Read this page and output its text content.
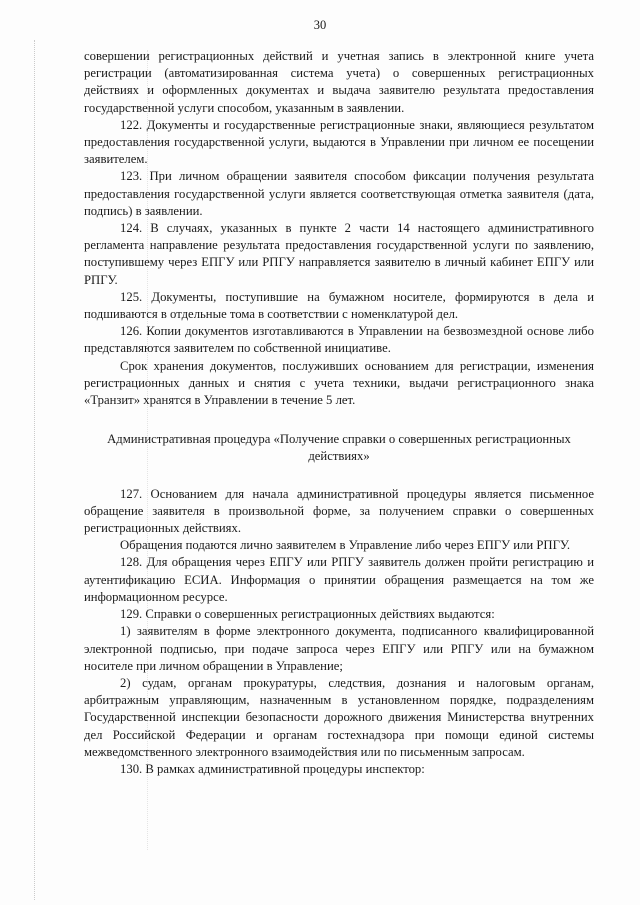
30

совершении регистрационных действий и учетная запись в электронной книге учета регистрации (автоматизированная система учета) о совершенных регистрационных действиях и оформленных документах и выдача заявителю результата предоставления государственной услуги способом, указанным в заявлении.

122. Документы и государственные регистрационные знаки, являющиеся результатом предоставления государственной услуги, выдаются в Управлении при личном ее посещении заявителем.

123. При личном обращении заявителя способом фиксации получения результата предоставления государственной услуги является соответствующая отметка заявителя (дата, подпись) в заявлении.

124. В случаях, указанных в пункте 2 части 14 настоящего административного регламента направление результата предоставления государственной услуги по заявлению, поступившему через ЕПГУ или РПГУ направляется заявителю в личный кабинет ЕПГУ или РПГУ.

125. Документы, поступившие на бумажном носителе, формируются в дела и подшиваются в отдельные тома в соответствии с номенклатурой дел.

126. Копии документов изготавливаются в Управлении на безвозмездной основе либо представляются заявителем по собственной инициативе.

Срок хранения документов, послуживших основанием для регистрации, изменения регистрационных данных и снятия с учета техники, выдачи регистрационного знака «Транзит» хранятся в Управлении в течение 5 лет.

Административная процедура «Получение справки о совершенных регистрационных действиях»

127. Основанием для начала административной процедуры является письменное обращение заявителя в произвольной форме, за получением справки о совершенных регистрационных действиях.

Обращения подаются лично заявителем в Управление либо через ЕПГУ или РПГУ.

128. Для обращения через ЕПГУ или РПГУ заявитель должен пройти регистрацию и аутентификацию ЕСИА. Информация о принятии обращения размещается на том же информационном ресурсе.

129. Справки о совершенных регистрационных действиях выдаются:

1) заявителям в форме электронного документа, подписанного квалифицированной электронной подписью, при подаче запроса через ЕПГУ или РПГУ или на бумажном носителе при личном обращении в Управление;

2) судам, органам прокуратуры, следствия, дознания и налоговым органам, арбитражным управляющим, назначенным в установленном порядке, подразделениям Государственной инспекции безопасности дорожного движения Министерства внутренних дел Российской Федерации и органам гостехнадзора при помощи единой системы межведомственного электронного взаимодействия или по письменным запросам.

130. В рамках административной процедуры инспектор:
